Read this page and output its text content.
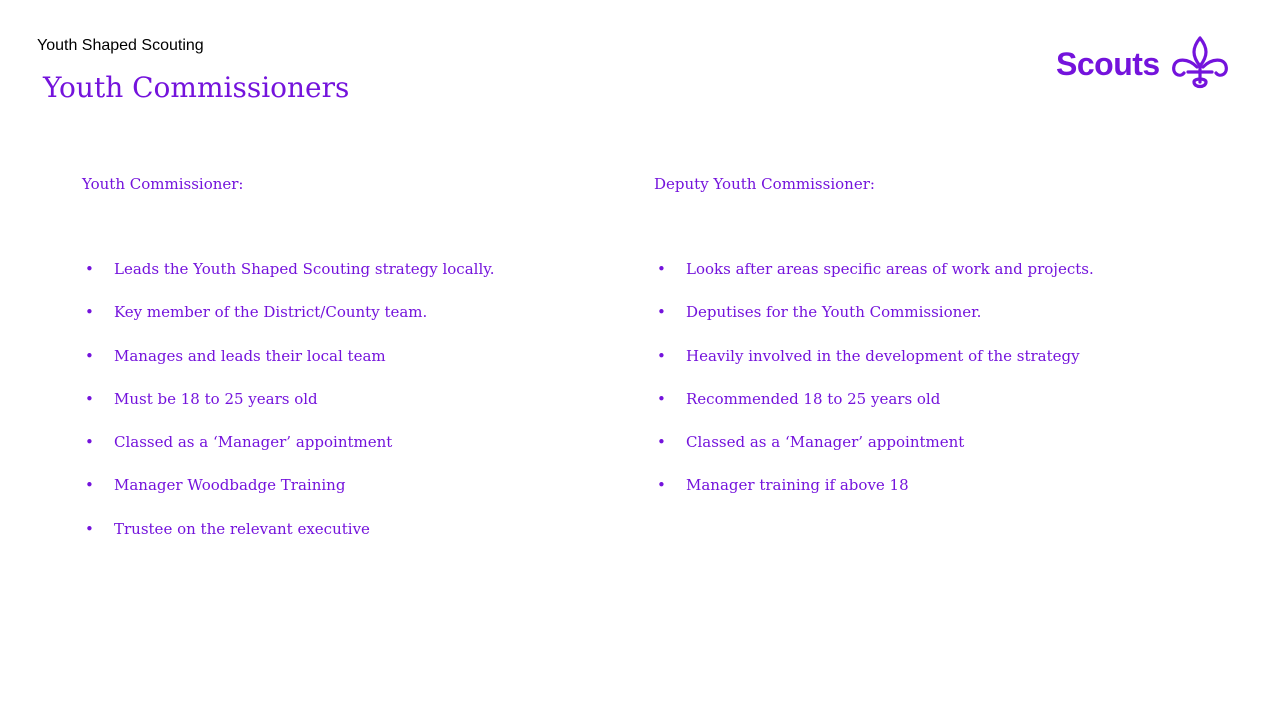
Youth Shaped Scouting

Youth Commissioners
Scouts
Youth Commissioner:
• Leads the Youth Shaped Scouting strategy locally.
• Key member of the District/County team.
• Manages and leads their local team
• Must be 18 to 25 years old
• Classed as a ‘Manager’ appointment
• Manager Woodbadge Training
• Trustee on the relevant executive
Deputy Youth Commissioner:
• Looks after areas specific areas of work and projects.
• Deputises for the Youth Commissioner.
• Heavily involved in the development of the strategy
• Recommended 18 to 25 years old
• Classed as a ‘Manager’ appointment
• Manager training if above 18
